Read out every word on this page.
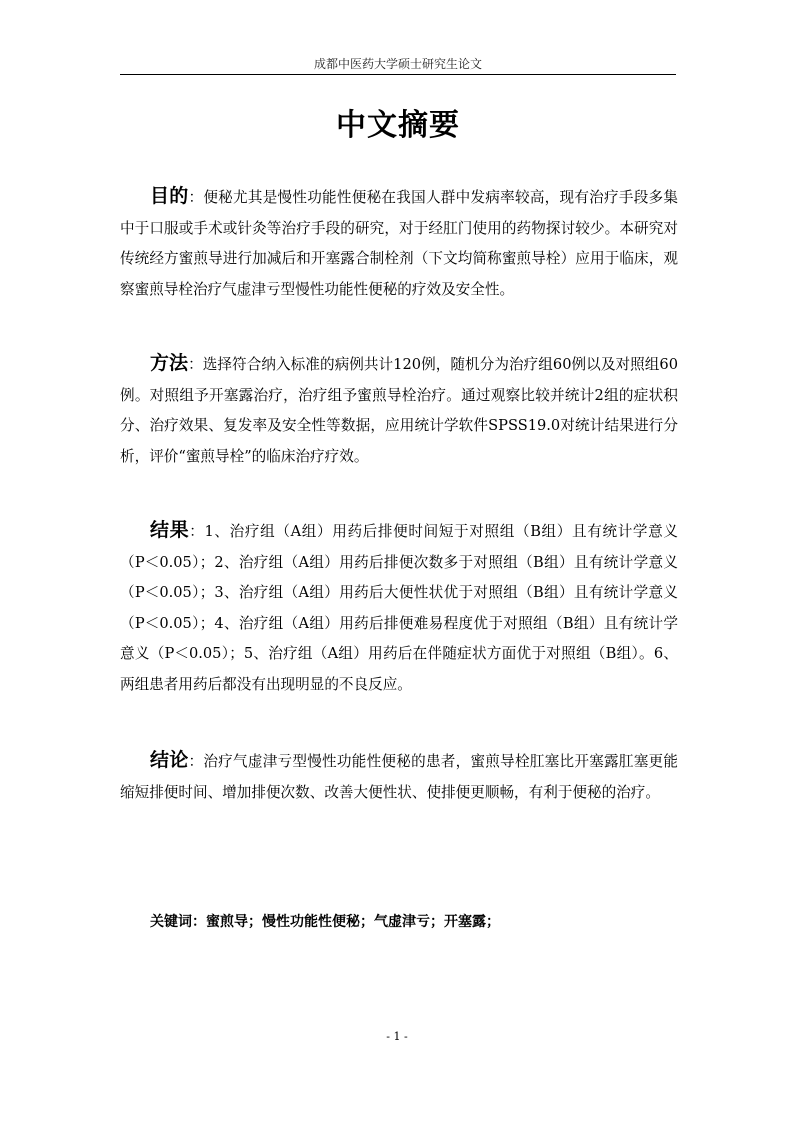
成都中医药大学硕士研究生论文
中文摘要
目的：便秘尤其是慢性功能性便秘在我国人群中发病率较高，现有治疗手段多集中于口服或手术或针灸等治疗手段的研究，对于经肛门使用的药物探讨较少。本研究对传统经方蜜煎导进行加减后和开塞露合制栓剂（下文均简称蜜煎导栓）应用于临床，观察蜜煎导栓治疗气虚津亏型慢性功能性便秘的疗效及安全性。
方法：选择符合纳入标准的病例共计120例，随机分为治疗组60例以及对照组60例。对照组予开塞露治疗，治疗组予蜜煎导栓治疗。通过观察比较并统计2组的症状积分、治疗效果、复发率及安全性等数据，应用统计学软件SPSS19.0对统计结果进行分析，评价“蜜煎导栓”的临床治疗疗效。
结果：1、治疗组（A组）用药后排便时间短于对照组（B组）且有统计学意义（P＜0.05）；2、治疗组（A组）用药后排便次数多于对照组（B组）且有统计学意义（P＜0.05）；3、治疗组（A组）用药后大便性状优于对照组（B组）且有统计学意义（P＜0.05）；4、治疗组（A组）用药后排便难易程度优于对照组（B组）且有统计学意义（P＜0.05）；5、治疗组（A组）用药后在伴随症状方面优于对照组（B组）。6、两组患者用药后都没有出现明显的不良反应。
结论：治疗气虚津亏型慢性功能性便秘的患者，蜜煎导栓肛塞比开塞露肛塞更能缩短排便时间、增加排便次数、改善大便性状、使排便更顺畅，有利于便秘的治疗。
关键词：蜜煎导；慢性功能性便秘；气虚津亏；开塞露；
- 1 -
